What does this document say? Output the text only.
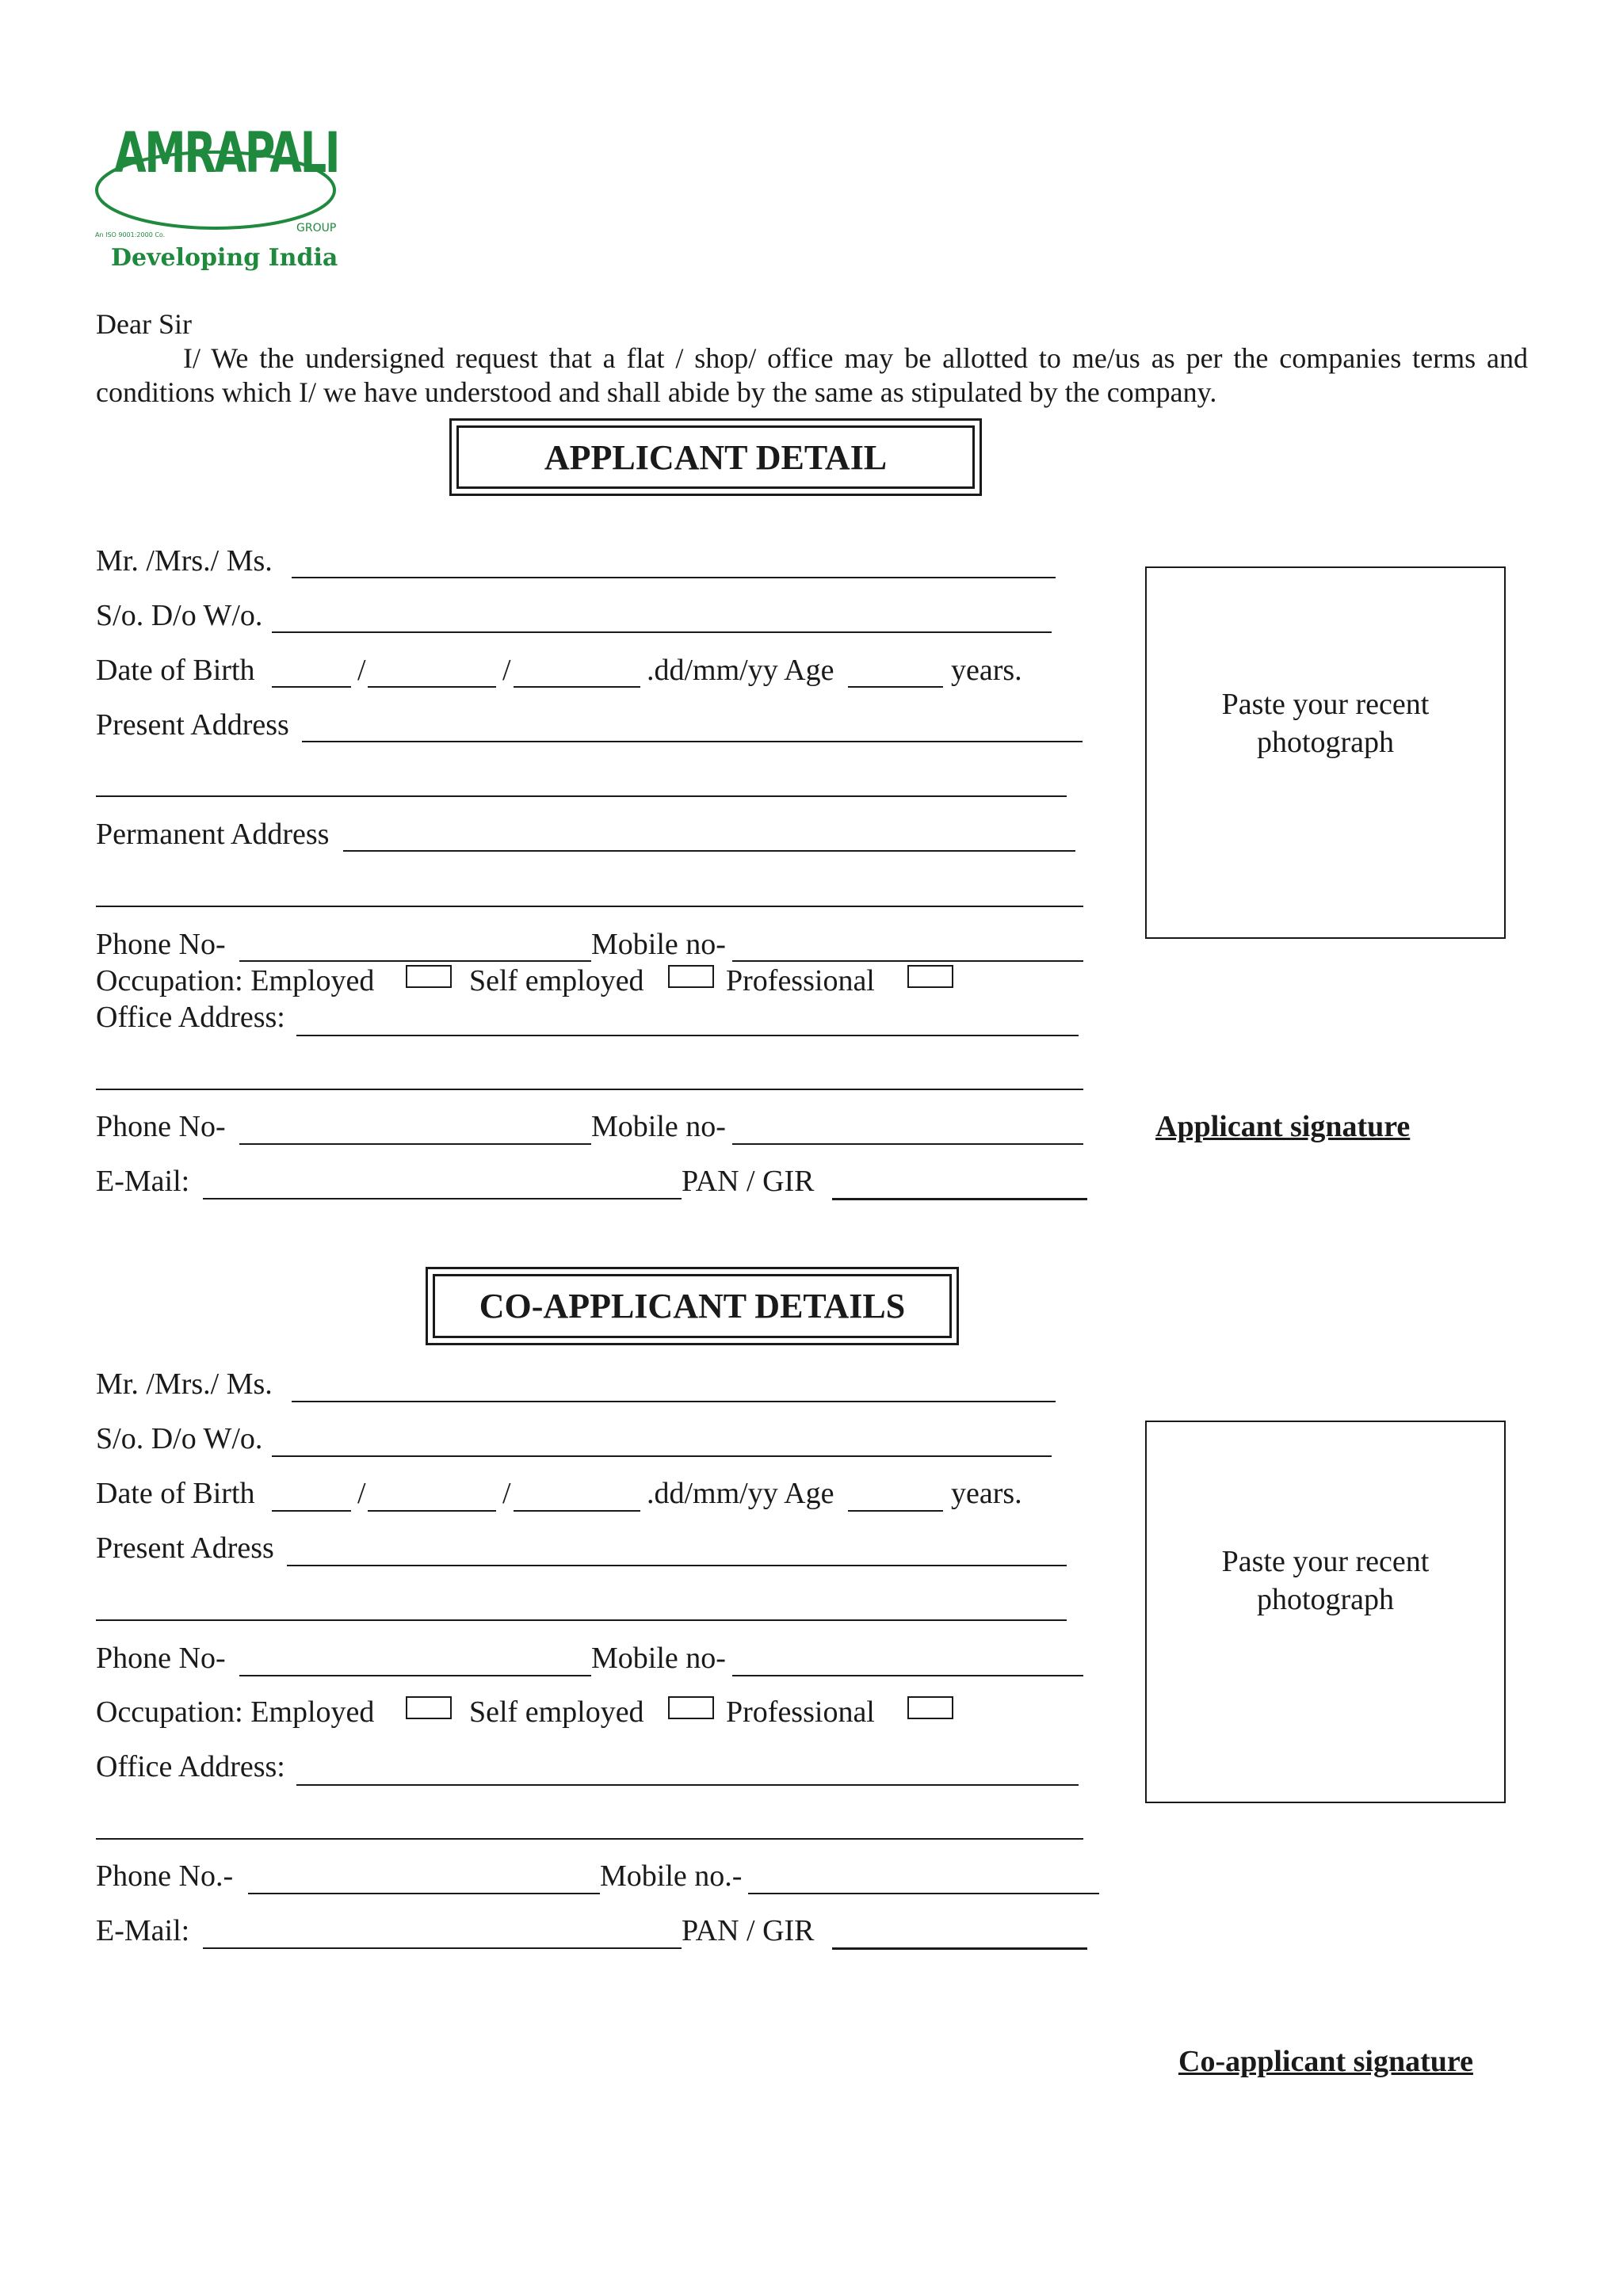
AMRAPALI
GROUP
An ISO 9001:2000 Co.
Developing India
Dear Sir
I/ We the undersigned request that a flat / shop/ office may be allotted to me/us as per the companies terms and
conditions which I/ we have understood and shall abide by the same as stipulated by the company.
APPLICANT DETAIL
Mr. /Mrs./ Ms.
S/o. D/o W/o.
Date of Birth	/	/	.dd/mm/yy Age	years.
Present Address
Permanent Address
Phone No-	Mobile no-
Occupation: Employed	Self employed	Professional
Office Address:
Phone No-	Mobile no-
E-Mail:	PAN / GIR
Paste your recent
photograph
Applicant signature
CO-APPLICANT DETAILS
Mr. /Mrs./ Ms.
S/o. D/o W/o.
Date of Birth	/	/	.dd/mm/yy Age	years.
Present Adress
Phone No-	Mobile no-
Occupation: Employed	Self employed	Professional
Office Address:
Phone No.-	Mobile no.-
E-Mail:	PAN / GIR
Paste your recent
photograph
Co-applicant signature
